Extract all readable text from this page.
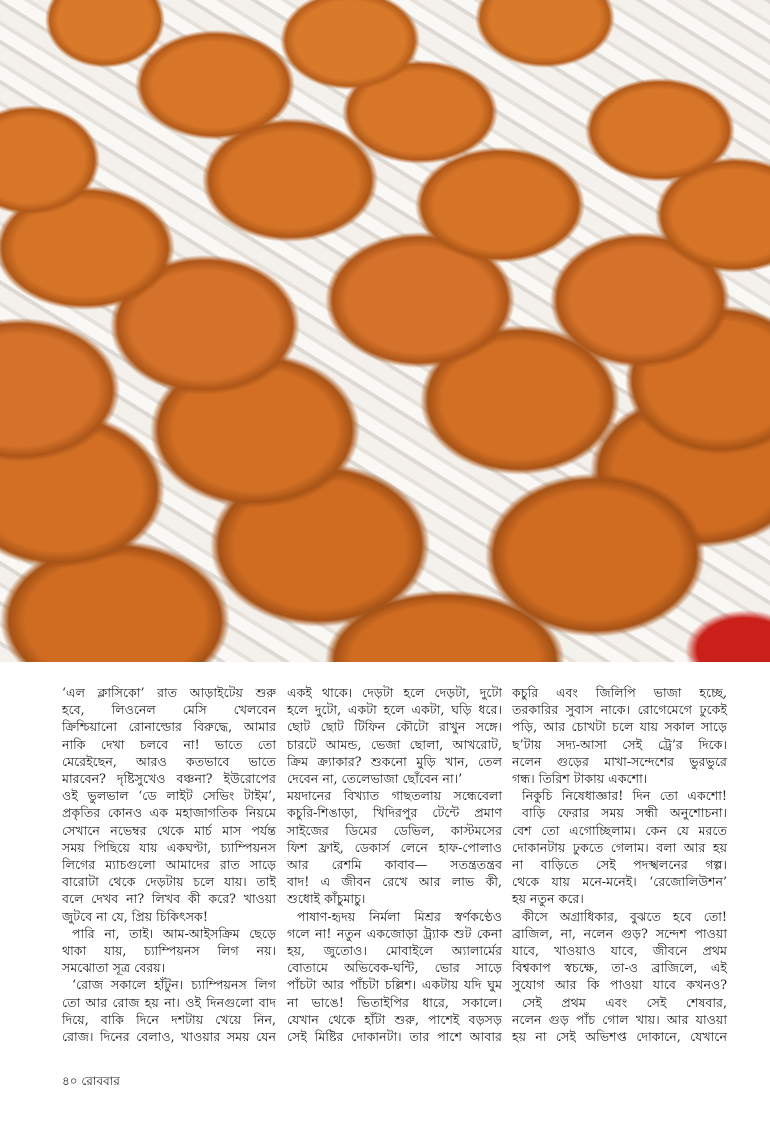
‘এল ক্লাসিকো’ রাত আড়াইটেয় শুরু

হবে, লিওনেল মেসি খেলবেন

ক্রিশ্চিয়ানো রোনাল্ডোর বিরুদ্ধে, আমার

নাকি দেখা চলবে না! ভাতে তো

মেরেইছেন, আরও কতভাবে ভাতে

মারবেন? দৃষ্টিসুখেও বঞ্চনা? ইউরোপের

ওই ভুলভাল ‘ডে লাইট সেভিং টাইম’,

প্রকৃতির কোনও এক মহাজাগতিক নিয়মে

সেখানে নভেম্বর থেকে মার্চ মাস পর্যন্ত

সময় পিছিয়ে যায় একঘণ্টা, চ্যাম্পিয়নস

লিগের ম্যাচগুলো আমাদের রাত সাড়ে

বারোটা থেকে দেড়টায় চলে যায়। তাই

বলে দেখব না? লিখব কী করে? খাওয়া

জুটবে না যে, প্রিয় চিকিৎসক!

পারি না, তাই। আম-আইসক্রিম ছেড়ে

থাকা যায়, চ্যাম্পিয়নস লিগ নয়।

সমঝোতা সূত্র বেরয়।

‘রোজ সকালে হাঁটুন। চ্যাম্পিয়নস লিগ

তো আর রোজ হয় না। ওই দিনগুলো বাদ

দিয়ে, বাকি দিনে দশটায় খেয়ে নিন,

রোজ। দিনের বেলাও, খাওয়ার সময় যেন

একই থাকে। দেড়টা হলে দেড়টা, দুটো

হলে দুটো, একটা হলে একটা, ঘড়ি ধরে।

ছোট ছোট টিফিন কৌটো রাখুন সঙ্গে।

চারটে আমন্ড, ভেজা ছোলা, আখরোট,

ক্রিম ক্র্যাকার? শুকনো মুড়ি খান, তেল

দেবেন না, তেলেভাজা ছোঁবেন না।’

ময়দানের বিখ্যাত গাছতলায় সন্ধেবেলা

কচুরি-শিঙাড়া, খিদিরপুর টেন্টে প্রমাণ

সাইজের ডিমের ডেভিল, কাস্টমসের

ফিশ ফ্রাই, ডেকার্স লেনে হাফ-পোলাও

আর রেশমি কাবাব— সতন্ত্রতন্ত্রব

বাদ! এ জীবন রেখে আর লাভ কী,

শুধোই কাঁচুমাচু।

পাষাণ-হৃদয় নির্মলা মিশ্রর স্বর্ণকণ্ঠেও

গলে না! নতুন একজোড়া ট্র্যাক শুট কেনা

হয়, জুতোও। মোবাইলে অ্যালার্মের

বোতামে অভিবেক-ঘন্টি, ভোর সাড়ে

পাঁচটা আর পাঁচটা চল্লিশ। একটায় যদি ঘুম

না ভাঙে! ভিতাইপির ধারে, সকালে।

যেখান থেকে হাঁটা শুরু, পাশেই বড়সড়

সেই মিষ্টির দোকানটা। তার পাশে আবার

কচুরি এবং জিলিপি ভাজা হচ্ছে,

তরকারির সুবাস নাকে। রোগেমেগে ঢুকেই

পড়ি, আর চোখটা চলে যায় সকাল সাড়ে

ছ’টায় সদ্য-আসা সেই ট্রে’র দিকে।

নলেন গুড়ের মাখা-সন্দেশের ভুরভুরে

গন্ধ। তিরিশ টাকায় একশো।

নিকুচি নিষেধাজ্ঞার! দিন তো একশো!

বাড়ি ফেরার সময় সন্ধী অনুশোচনা।

বেশ তো এগোচ্ছিলাম। কেন যে মরতে

দোকানটায় ঢুকতে গেলাম। বলা আর হয়

না বাড়িতে সেই পদস্খলনের গল্প।

থেকে যায় মনে-মনেই। ‘রেজোলিউশন’

হয় নতুন করে।

কীসে অগ্রাধিকার, বুঝতে হবে তো!

ব্রাজিল, না, নলেন গুড়? সন্দেশ পাওয়া

যাবে, খাওয়াও যাবে, জীবনে প্রথম

বিশ্বকাপ স্বচক্ষে, তা-ও ব্রাজিলে, এই

সুযোগ আর কি পাওয়া যাবে কখনও?

সেই প্রথম এবং সেই শেষবার,

নলেন গুড় পাঁচ গোল খায়। আর যাওয়া

হয় না সেই অভিশপ্ত দোকানে, যেখানে

৪০ রোববার
